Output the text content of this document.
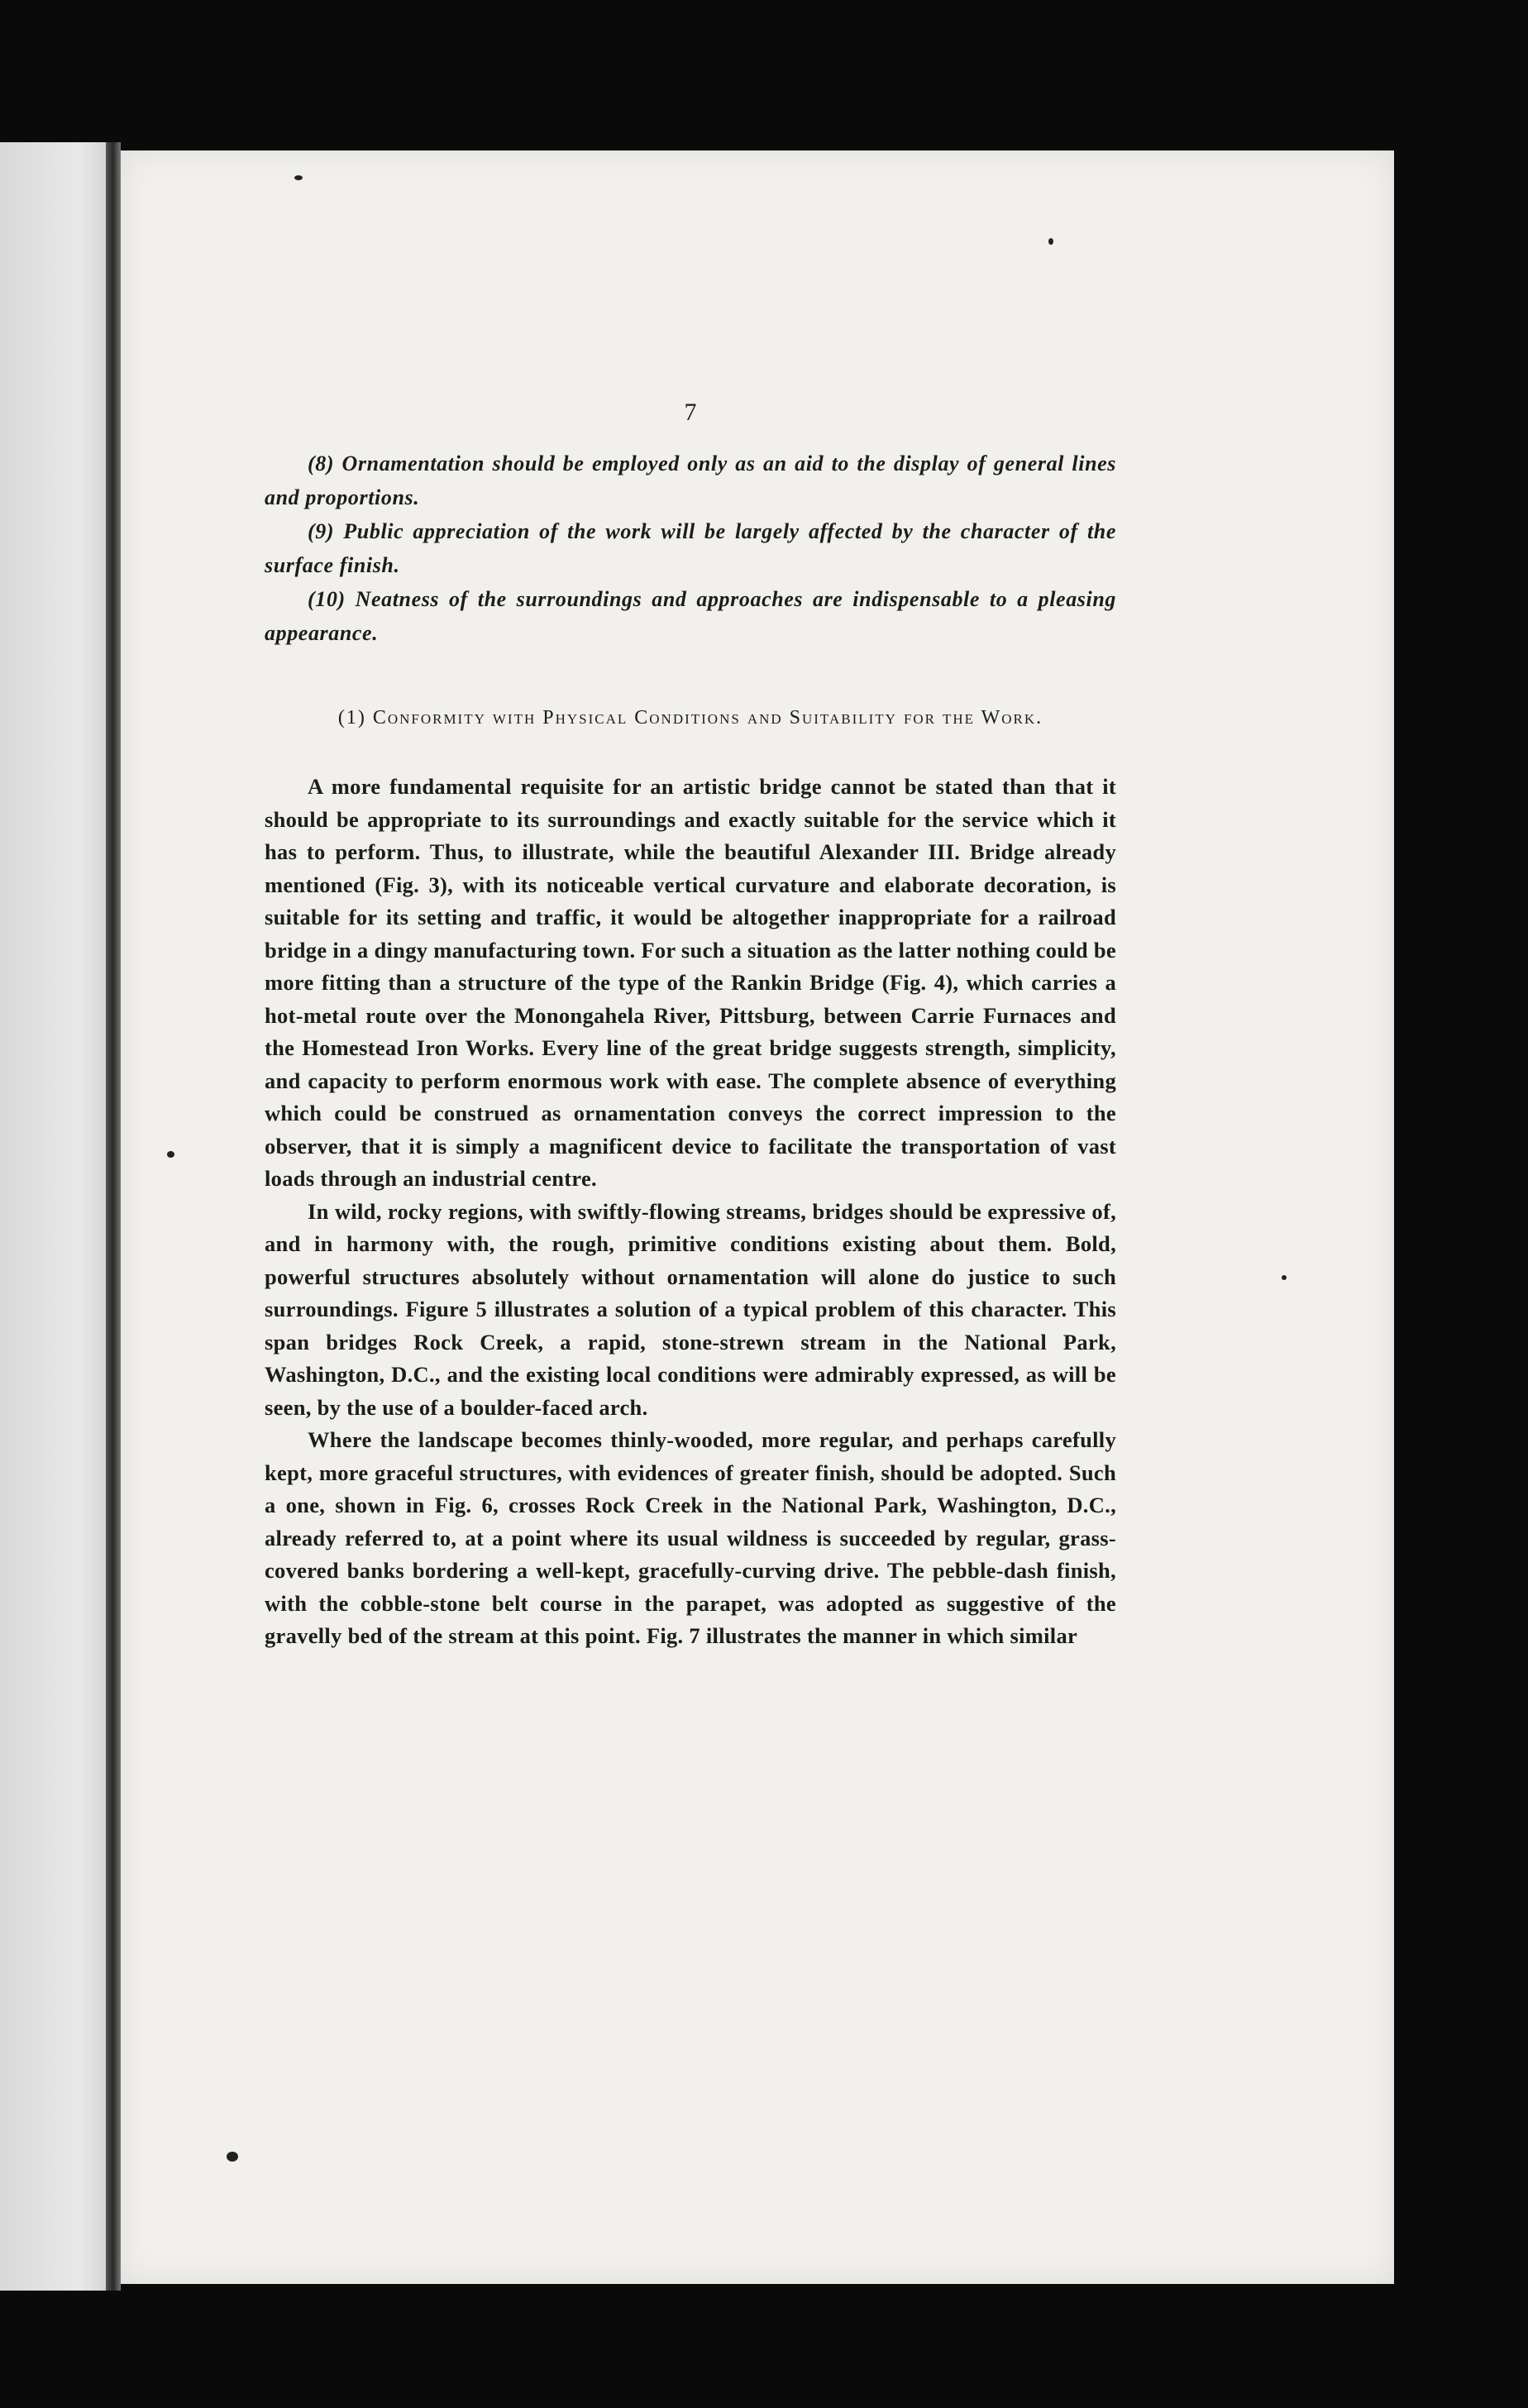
7

(8) Ornamentation should be employed only as an aid to the display of general lines and proportions.

(9) Public appreciation of the work will be largely affected by the character of the surface finish.

(10) Neatness of the surroundings and approaches are indispensable to a pleasing appearance.

(1) Conformity with Physical Conditions and Suitability for the Work.

A more fundamental requisite for an artistic bridge cannot be stated than that it should be appropriate to its surroundings and exactly suitable for the service which it has to perform. Thus, to illustrate, while the beautiful Alexander III. Bridge already mentioned (Fig. 3), with its noticeable vertical curvature and elaborate decoration, is suitable for its setting and traffic, it would be altogether inappropriate for a railroad bridge in a dingy manufacturing town. For such a situation as the latter nothing could be more fitting than a structure of the type of the Rankin Bridge (Fig. 4), which carries a hot-metal route over the Monongahela River, Pittsburg, between Carrie Furnaces and the Homestead Iron Works. Every line of the great bridge suggests strength, simplicity, and capacity to perform enormous work with ease. The complete absence of everything which could be construed as ornamentation conveys the correct impression to the observer, that it is simply a magnificent device to facilitate the transportation of vast loads through an industrial centre.

In wild, rocky regions, with swiftly-flowing streams, bridges should be expressive of, and in harmony with, the rough, primitive conditions existing about them. Bold, powerful structures absolutely without ornamentation will alone do justice to such surroundings. Figure 5 illustrates a solution of a typical problem of this character. This span bridges Rock Creek, a rapid, stone-strewn stream in the National Park, Washington, D.C., and the existing local conditions were admirably expressed, as will be seen, by the use of a boulder-faced arch.

Where the landscape becomes thinly-wooded, more regular, and perhaps carefully kept, more graceful structures, with evidences of greater finish, should be adopted. Such a one, shown in Fig. 6, crosses Rock Creek in the National Park, Washington, D.C., already referred to, at a point where its usual wildness is succeeded by regular, grass-covered banks bordering a well-kept, gracefully-curving drive. The pebble-dash finish, with the cobble-stone belt course in the parapet, was adopted as suggestive of the gravelly bed of the stream at this point. Fig. 7 illustrates the manner in which similar
